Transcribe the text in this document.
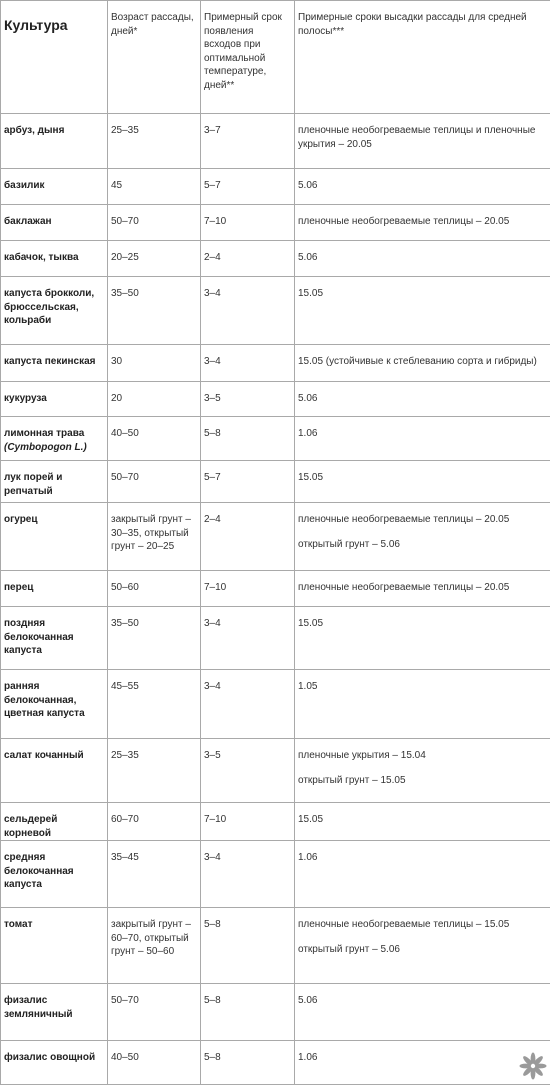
Культура	Возраст рассады, дней*	Примерный срок появления всходов при оптимальной температуре, дней**	Примерные сроки высадки рассады для средней полосы***
арбуз, дыня	25–35	3–7	пленочные необогреваемые теплицы и пленочные укрытия – 20.05

базилик	45	5–7	5.06

баклажан	50–70	7–10	пленочные необогреваемые теплицы – 20.05

кабачок, тыква	20–25	2–4	5.06

капуста брокколи, брюссельская, кольраби	35–50	3–4	15.05

капуста пекинская	30	3–4	15.05 (устойчивые к стеблеванию сорта и гибриды)

кукуруза	20	3–5	5.06

лимонная трава (Cymbopogon L.)	40–50	5–8	1.06

лук порей и репчатый	50–70	5–7	15.05

огурец	закрытый грунт – 30–35, открытый грунт – 20–25	2–4	пленочные необогреваемые теплицы – 20.05
открытый грунт – 5.06

перец	50–60	7–10	пленочные необогреваемые теплицы – 20.05

поздняя белокочанная капуста	35–50	3–4	15.05

ранняя белокочанная, цветная капуста	45–55	3–4	1.05

салат кочанный	25–35	3–5	пленочные укрытия – 15.04
открытый грунт – 15.05

сельдерей корневой	60–70	7–10	15.05

средняя белокочанная капуста	35–45	3–4	1.06

томат	закрытый грунт – 60–70, открытый грунт – 50–60	5–8	пленочные необогреваемые теплицы – 15.05
открытый грунт – 5.06

физалис земляничный	50–70	5–8	5.06

физалис овощной	40–50	5–8	1.06
